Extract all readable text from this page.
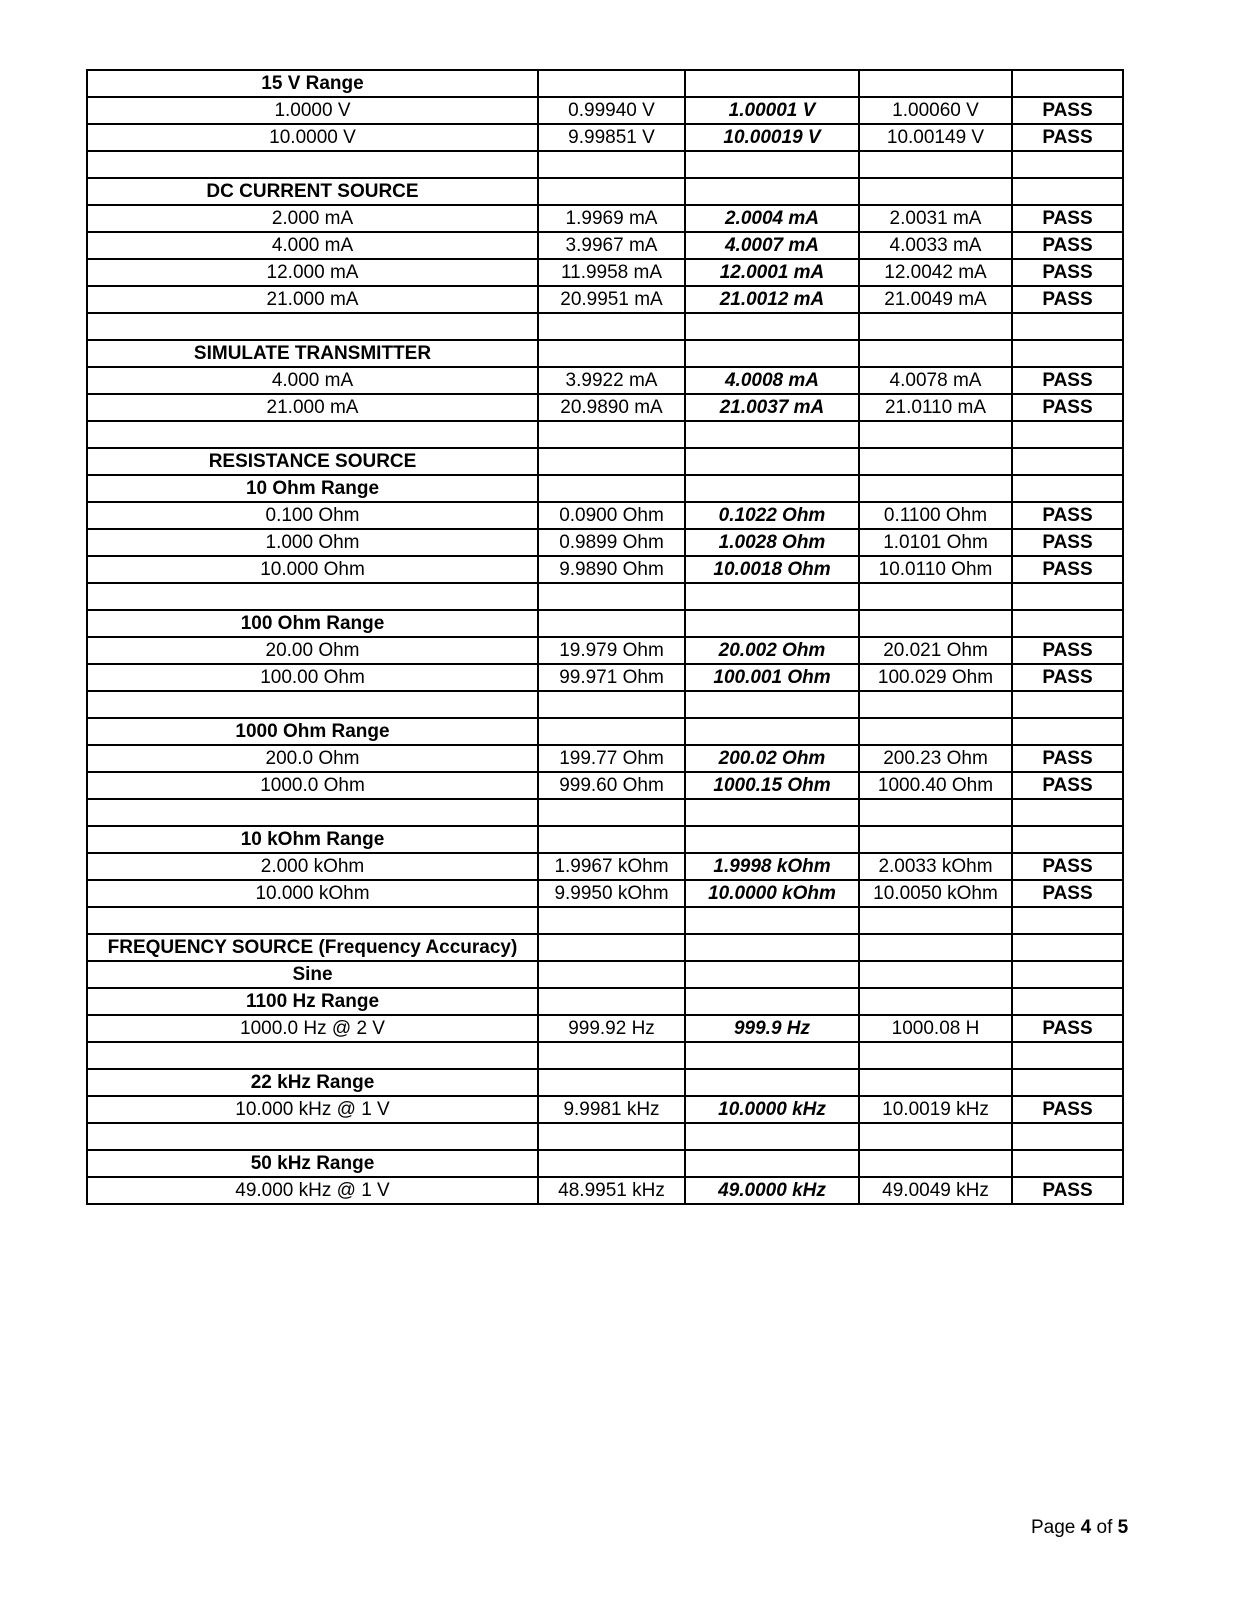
15 V Range				
1.0000 V	0.99940 V	1.00001 V	1.00060 V	PASS
10.0000 V	9.99851 V	10.00019 V	10.00149 V	PASS

DC CURRENT SOURCE				
2.000 mA	1.9969 mA	2.0004 mA	2.0031 mA	PASS
4.000 mA	3.9967 mA	4.0007 mA	4.0033 mA	PASS
12.000 mA	11.9958 mA	12.0001 mA	12.0042 mA	PASS
21.000 mA	20.9951 mA	21.0012 mA	21.0049 mA	PASS

SIMULATE TRANSMITTER				
4.000 mA	3.9922 mA	4.0008 mA	4.0078 mA	PASS
21.000 mA	20.9890 mA	21.0037 mA	21.0110 mA	PASS

RESISTANCE SOURCE				
10 Ohm Range				
0.100 Ohm	0.0900 Ohm	0.1022 Ohm	0.1100 Ohm	PASS
1.000 Ohm	0.9899 Ohm	1.0028 Ohm	1.0101 Ohm	PASS
10.000 Ohm	9.9890 Ohm	10.0018 Ohm	10.0110 Ohm	PASS

100 Ohm Range				
20.00 Ohm	19.979 Ohm	20.002 Ohm	20.021 Ohm	PASS
100.00 Ohm	99.971 Ohm	100.001 Ohm	100.029 Ohm	PASS

1000 Ohm Range				
200.0 Ohm	199.77 Ohm	200.02 Ohm	200.23 Ohm	PASS
1000.0 Ohm	999.60 Ohm	1000.15 Ohm	1000.40 Ohm	PASS

10 kOhm Range				
2.000 kOhm	1.9967 kOhm	1.9998 kOhm	2.0033 kOhm	PASS
10.000 kOhm	9.9950 kOhm	10.0000 kOhm	10.0050 kOhm	PASS

FREQUENCY SOURCE (Frequency Accuracy)				
Sine				
1100 Hz Range				
1000.0 Hz @ 2 V	999.92 Hz	999.9 Hz	1000.08 H	PASS

22 kHz Range				
10.000 kHz @ 1 V	9.9981 kHz	10.0000 kHz	10.0019 kHz	PASS

50 kHz Range				
49.000 kHz @ 1 V	48.9951 kHz	49.0000 kHz	49.0049 kHz	PASS
Page 4 of 5
